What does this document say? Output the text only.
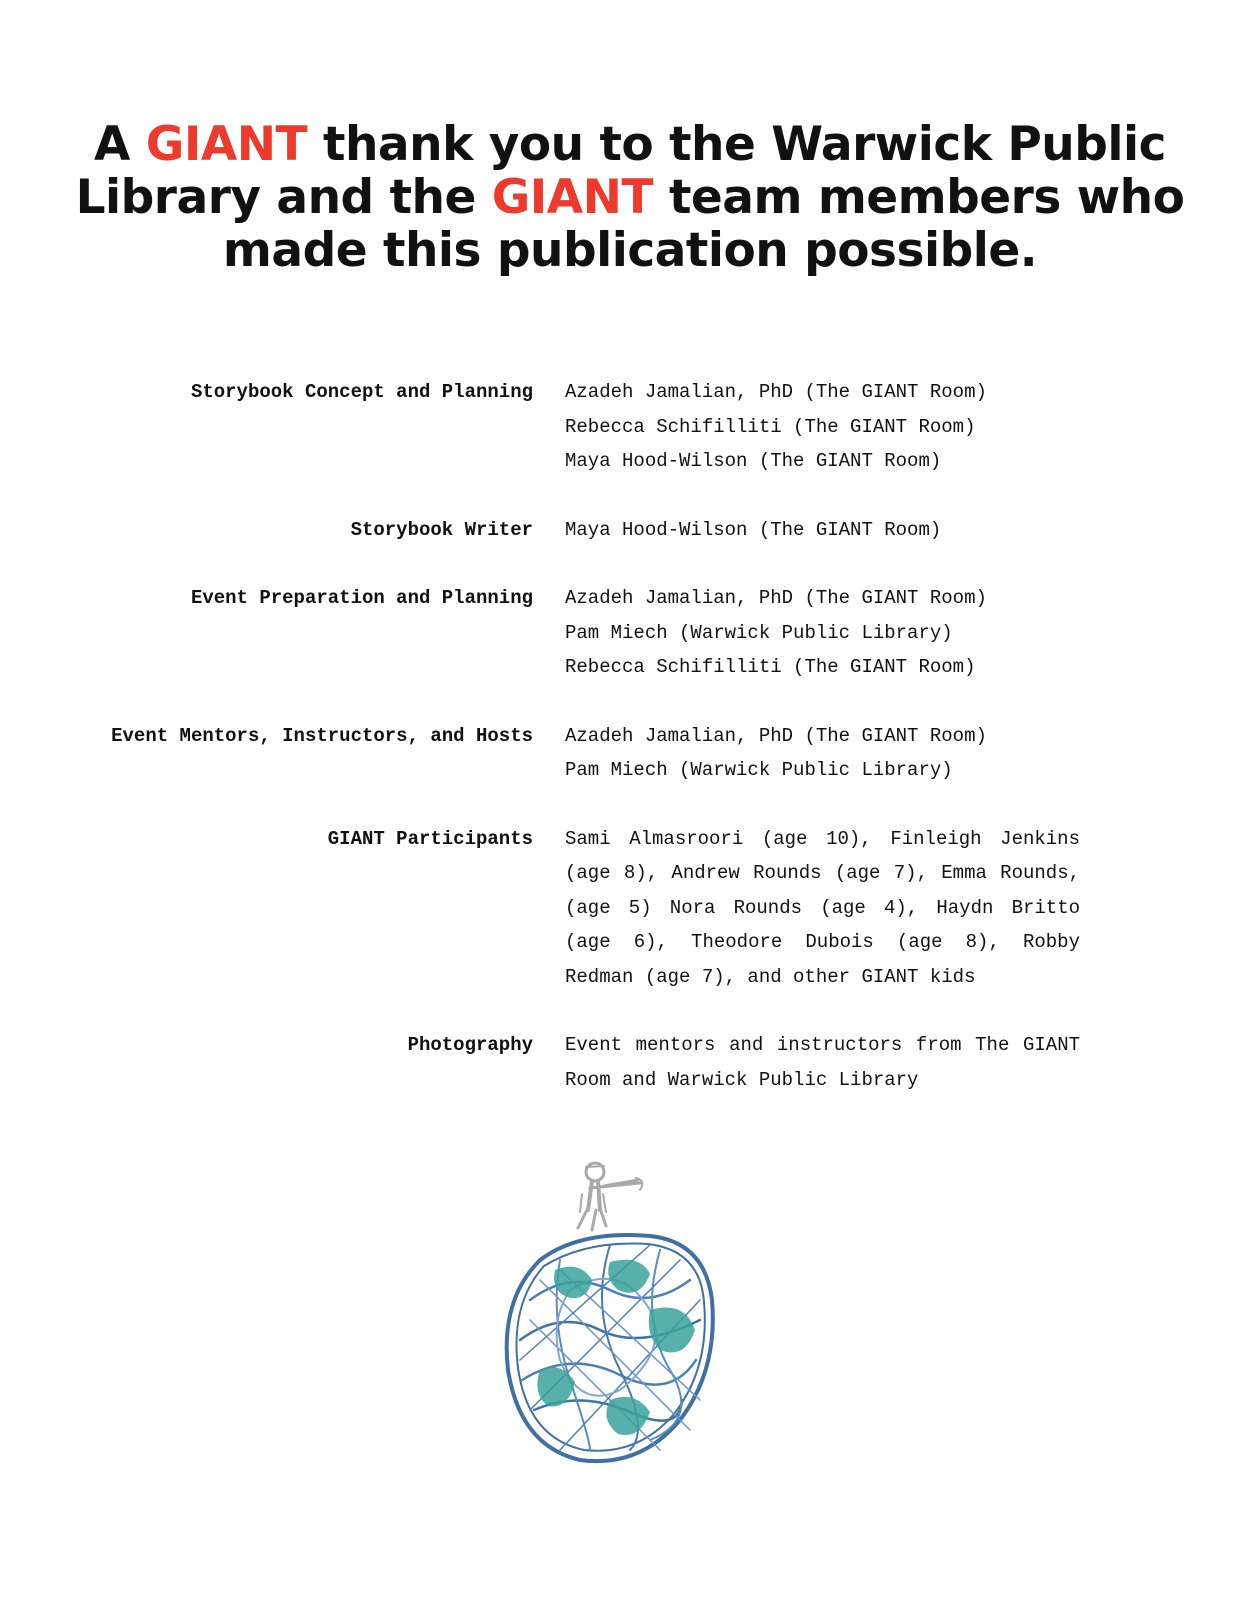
A GIANT thank you to the Warwick Public Library and the GIANT team members who made this publication possible.
Storybook Concept and Planning	Azadeh Jamalian, PhD (The GIANT Room)
Rebecca Schifilliti (The GIANT Room)
Maya Hood-Wilson (The GIANT Room)
Storybook Writer	Maya Hood-Wilson (The GIANT Room)
Event Preparation and Planning	Azadeh Jamalian, PhD (The GIANT Room)
Pam Miech (Warwick Public Library)
Rebecca Schifilliti (The GIANT Room)
Event Mentors, Instructors, and Hosts	Azadeh Jamalian, PhD (The GIANT Room)
Pam Miech (Warwick Public Library)
GIANT Participants	Sami Almasroori (age 10), Finleigh Jenkins (age 8), Andrew Rounds (age 7), Emma Rounds, (age 5) Nora Rounds (age 4), Haydn Britto (age 6), Theodore Dubois (age 8), Robby Redman (age 7), and other GIANT kids
Photography	Event mentors and instructors from The GIANT Room and Warwick Public Library
